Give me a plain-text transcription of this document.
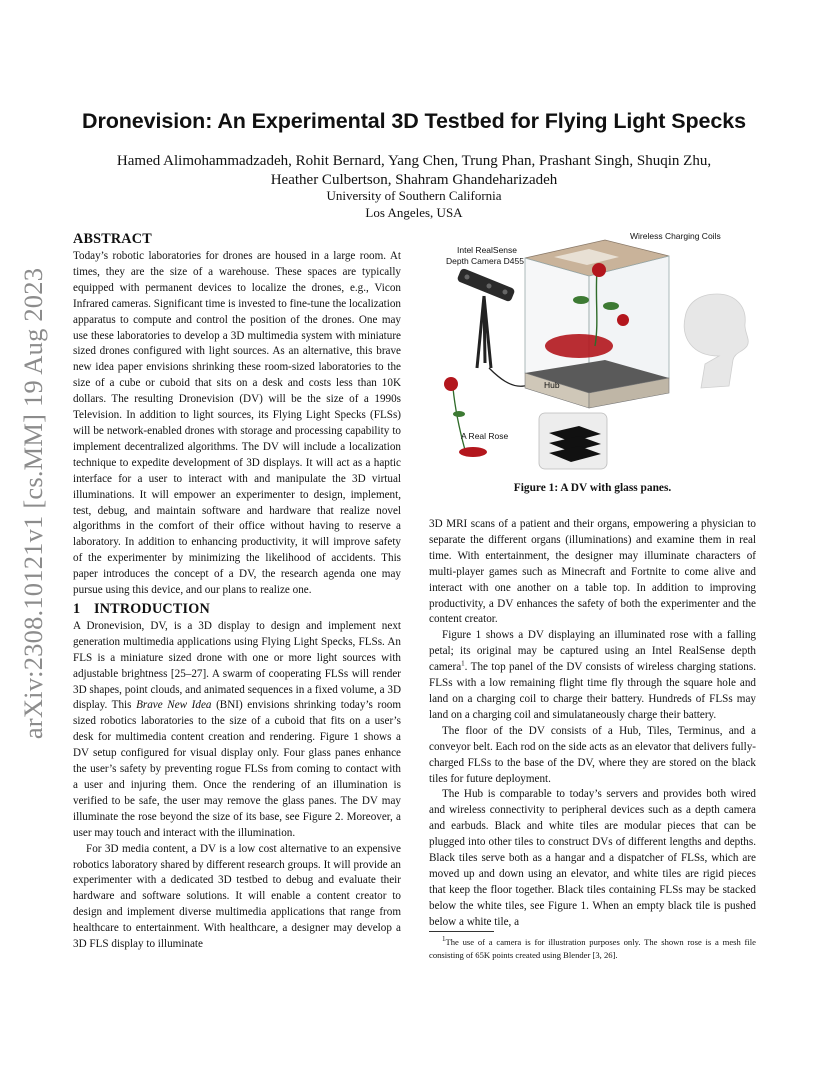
arXiv:2308.10121v1 [cs.MM] 19 Aug 2023
Dronevision: An Experimental 3D Testbed for Flying Light Specks
Hamed Alimohammadzadeh, Rohit Bernard, Yang Chen, Trung Phan, Prashant Singh, Shuqin Zhu,
Heather Culbertson, Shahram Ghandeharizadeh
University of Southern California
Los Angeles, USA
ABSTRACT

Today’s robotic laboratories for drones are housed in a large room. At times, they are the size of a warehouse. These spaces are typically equipped with permanent devices to localize the drones, e.g., Vicon Infrared cameras. Significant time is invested to fine-tune the localization apparatus to compute and control the position of the drones. One may use these laboratories to develop a 3D multimedia system with miniature sized drones configured with light sources. As an alternative, this brave new idea paper envisions shrinking these room-sized laboratories to the size of a cube or cuboid that sits on a desk and costs less than 10K dollars. The resulting Dronevision (DV) will be the size of a 1990s Television. In addition to light sources, its Flying Light Specks (FLSs) will be network-enabled drones with storage and processing capability to implement decentralized algorithms. The DV will include a localization technique to expedite development of 3D displays. It will act as a haptic interface for a user to interact with and manipulate the 3D virtual illuminations. It will empower an experimenter to design, implement, test, debug, and maintain software and hardware that realize novel algorithms in the comfort of their office without having to reserve a laboratory. In addition to enhancing productivity, it will improve safety of the experimenter by minimizing the likelihood of accidents. This paper introduces the concept of a DV, the research agenda one may pursue using this device, and our plans to realize one.

1 INTRODUCTION

A Dronevision, DV, is a 3D display to design and implement next generation multimedia applications using Flying Light Specks, FLSs. An FLS is a miniature sized drone with one or more light sources with adjustable brightness [25–27]. A swarm of cooperating FLSs will render 3D shapes, point clouds, and animated sequences in a fixed volume, a 3D display. This Brave New Idea (BNI) envisions shrinking today’s room sized robotics laboratories to the size of a cuboid that fits on a user’s desk for multimedia content creation and rendering. Figure 1 shows a DV setup configured for visual display only. Four glass panes enhance the user’s safety by preventing rogue FLSs from coming to contact with a user and injuring them. Once the rendering of an illumination is verified to be safe, the user may remove the glass panes. The DV may illuminate the rose beyond the size of its base, see Figure 2. Moreover, a user may touch and interact with the illumination.

For 3D media content, a DV is a low cost alternative to an expensive robotics laboratory shared by different research groups. It will provide an experimenter with a dedicated 3D testbed to debug and evaluate their hardware and software solutions. It will enable a content creator to design and implement diverse multimedia applications that range from healthcare to entertainment. With healthcare, a designer may develop a 3D FLS display to illuminate

Hub
Intel RealSense
Depth Camera D455
Wireless Charging Coils
A Real Rose

Figure 1: A DV with glass panes.

3D MRI scans of a patient and their organs, empowering a physician to separate the different organs (illuminations) and examine them in real time. With entertainment, the designer may illuminate characters of multi-player games such as Minecraft and Fortnite to come alive and interact with one another on a table top. In addition to improving productivity, a DV enhances the safety of both the experimenter and the content creator.

Figure 1 shows a DV displaying an illuminated rose with a falling petal; its original may be captured using an Intel RealSense depth camera$^1$. The top panel of the DV consists of wireless charging stations. FLSs with a low remaining flight time fly through the square hole and land on a charging coil to charge their battery. Hundreds of FLSs may land on a charging coil and simulataneously charge their battery.

The floor of the DV consists of a Hub, Tiles, Terminus, and a conveyor belt. Each rod on the side acts as an elevator that delivers fully-charged FLSs to the base of the DV, where they are stored on the black tiles for future deployment.

The Hub is comparable to today’s servers and provides both wired and wireless connectivity to peripheral devices such as a depth camera and earbuds. Black and white tiles are modular pieces that can be plugged into other tiles to construct DVs of different lengths and depths. Black tiles serve both as a hangar and a dispatcher of FLSs, which are moved up and down using an elevator, and white tiles are rigid pieces that keep the floor together. Black tiles containing FLSs may be stacked below the white tiles, see Figure 1. When an empty black tile is pushed below a white tile, a

$^1$The use of a camera is for illustration purposes only. The shown rose is a mesh file consisting of 65K points created using Blender [3, 26].
